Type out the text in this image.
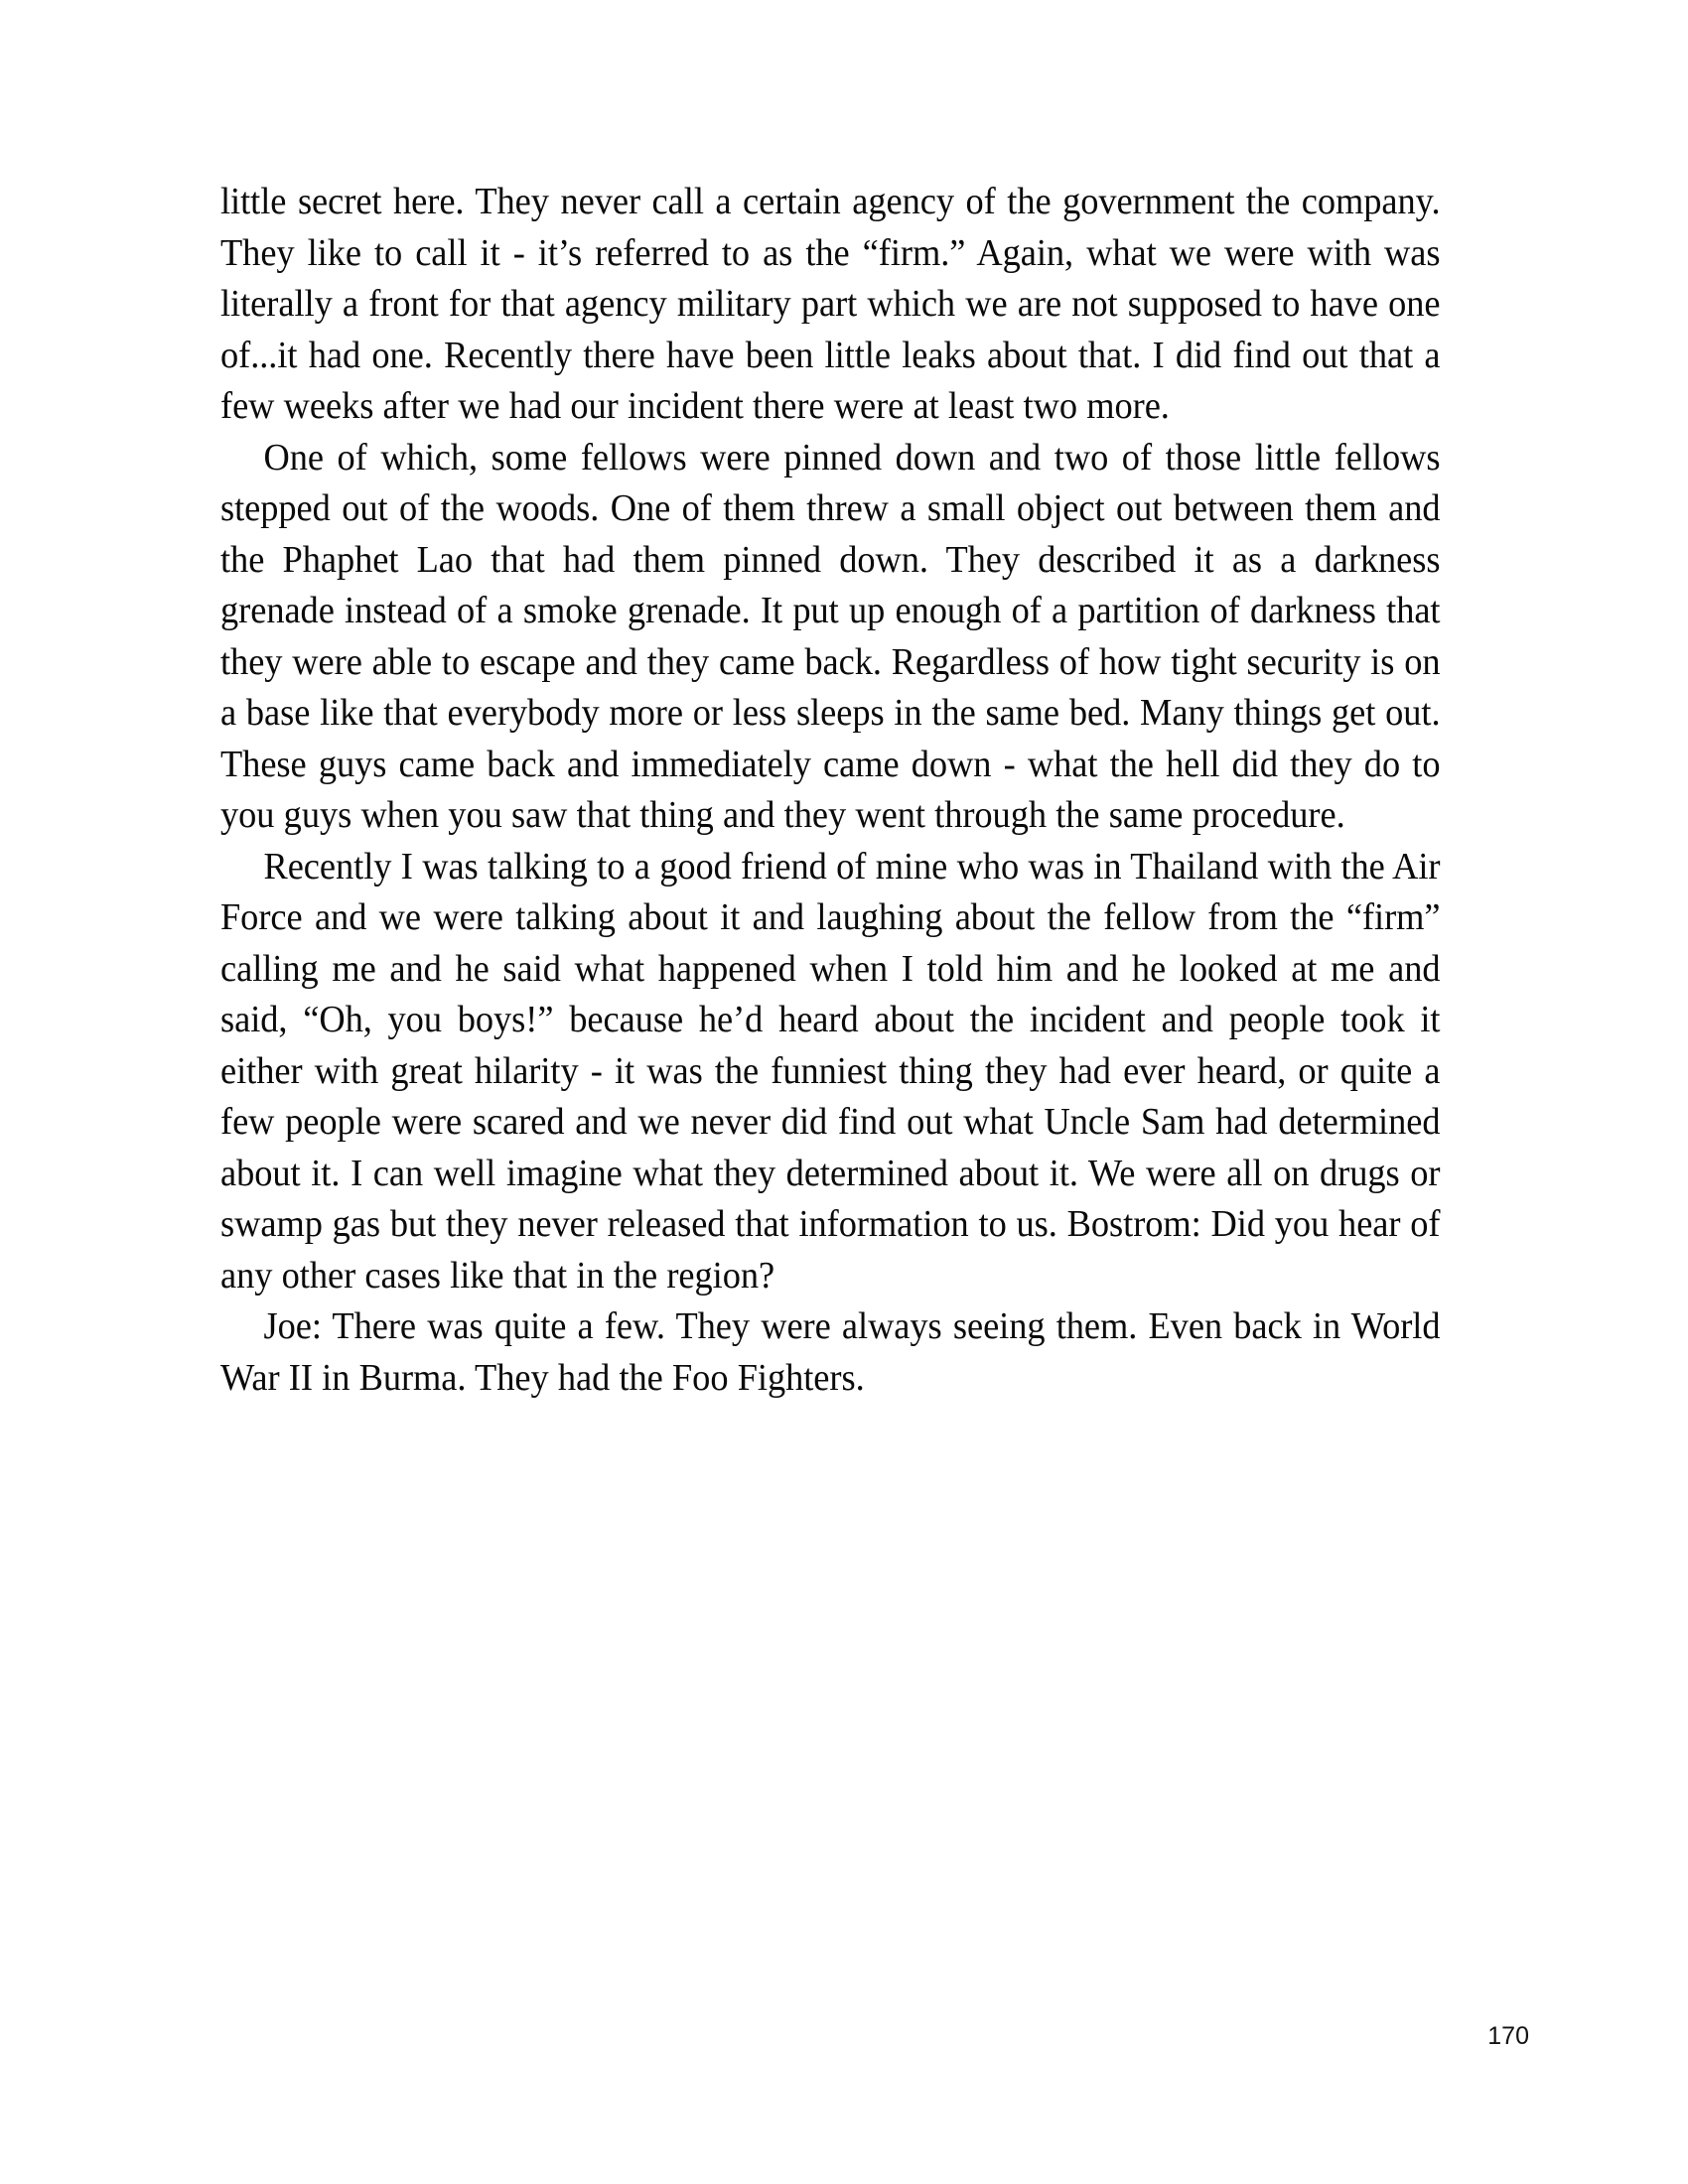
little secret here. They never call a certain agency of the government the company. They like to call it - it’s referred to as the “firm.” Again, what we were with was literally a front for that agency military part which we are not supposed to have one of...it had one. Recently there have been little leaks about that. I did find out that a few weeks after we had our incident there were at least two more.

One of which, some fellows were pinned down and two of those little fellows stepped out of the woods. One of them threw a small object out between them and the Phaphet Lao that had them pinned down. They described it as a darkness grenade instead of a smoke grenade. It put up enough of a partition of darkness that they were able to escape and they came back. Regardless of how tight security is on a base like that everybody more or less sleeps in the same bed. Many things get out. These guys came back and immediately came down - what the hell did they do to you guys when you saw that thing and they went through the same procedure.

Recently I was talking to a good friend of mine who was in Thailand with the Air Force and we were talking about it and laughing about the fellow from the “firm” calling me and he said what happened when I told him and he looked at me and said, “Oh, you boys!” because he’d heard about the incident and people took it either with great hilarity - it was the funniest thing they had ever heard, or quite a few people were scared and we never did find out what Uncle Sam had determined about it. I can well imagine what they determined about it. We were all on drugs or swamp gas but they never released that information to us. Bostrom: Did you hear of any other cases like that in the region?

Joe: There was quite a few. They were always seeing them. Even back in World War II in Burma. They had the Foo Fighters.

170
